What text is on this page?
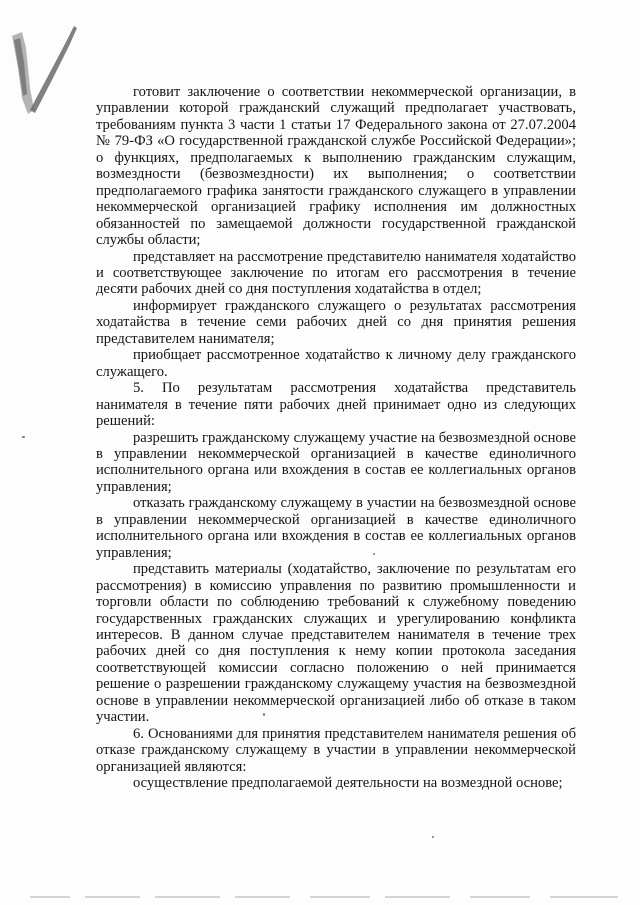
готовит заключение о соответствии некоммерческой организации, в управлении которой гражданский служащий предполагает участвовать, требованиям пункта 3 части 1 статьи 17 Федерального закона от 27.07.2004 № 79-ФЗ «О государственной гражданской службе Российской Федерации»; о функциях, предполагаемых к выполнению гражданским служащим, возмездности (безвозмездности) их выполнения; о соответствии предполагаемого графика занятости гражданского служащего в управлении некоммерческой организацией графику исполнения им должностных обязанностей по замещаемой должности государственной гражданской службы области;

представляет на рассмотрение представителю нанимателя ходатайство и соответствующее заключение по итогам его рассмотрения в течение десяти рабочих дней со дня поступления ходатайства в отдел;

информирует гражданского служащего о результатах рассмотрения ходатайства в течение семи рабочих дней со дня принятия решения представителем нанимателя;

приобщает рассмотренное ходатайство к личному делу гражданского служащего.

5. По результатам рассмотрения ходатайства представитель нанимателя в течение пяти рабочих дней принимает одно из следующих решений:

разрешить гражданскому служащему участие на безвозмездной основе в управлении некоммерческой организацией в качестве единоличного исполнительного органа или вхождения в состав ее коллегиальных органов управления;

отказать гражданскому служащему в участии на безвозмездной основе в управлении некоммерческой организацией в качестве единоличного исполнительного органа или вхождения в состав ее коллегиальных органов управления;

представить материалы (ходатайство, заключение по результатам его рассмотрения) в комиссию управления по развитию промышленности и торговли области по соблюдению требований к служебному поведению государственных гражданских служащих и урегулированию конфликта интересов. В данном случае представителем нанимателя в течение трех рабочих дней со дня поступления к нему копии протокола заседания соответствующей комиссии согласно положению о ней принимается решение о разрешении гражданскому служащему участия на безвозмездной основе в управлении некоммерческой организацией либо об отказе в таком участии.

6. Основаниями для принятия представителем нанимателя решения об отказе гражданскому служащему в участии в управлении некоммерческой организацией являются:

осуществление предполагаемой деятельности на возмездной основе;
